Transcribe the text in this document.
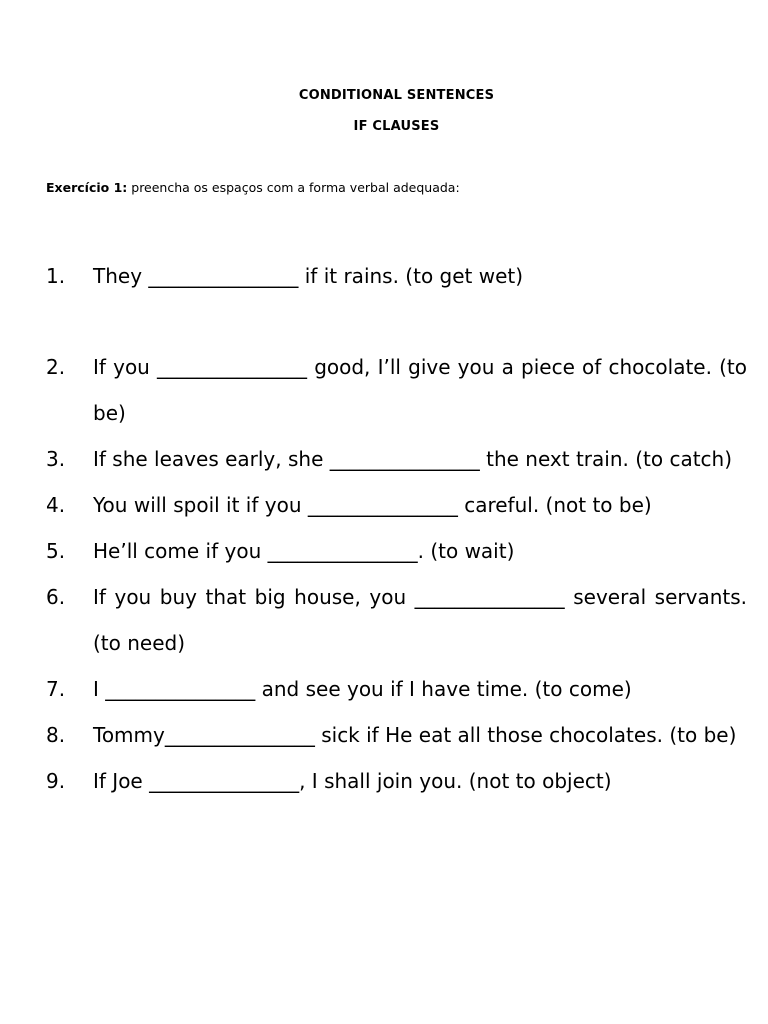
CONDITIONAL SENTENCES
IF CLAUSES
Exercício 1: preencha os espaços com a forma verbal adequada:
1. They _______________ if it rains. (to get wet)
2. If you _______________ good, I’ll give you a piece of chocolate. (to be)
3. If she leaves early, she _______________ the next train. (to catch)
4. You will spoil it if you _______________ careful. (not to be)
5. He’ll come if you _______________. (to wait)
6. If you buy that big house, you _______________ several servants. (to need)
7. I _______________ and see you if I have time. (to come)
8. Tommy_______________ sick if He eat all those chocolates. (to be)
9. If Joe _______________, I shall join you. (not to object)
